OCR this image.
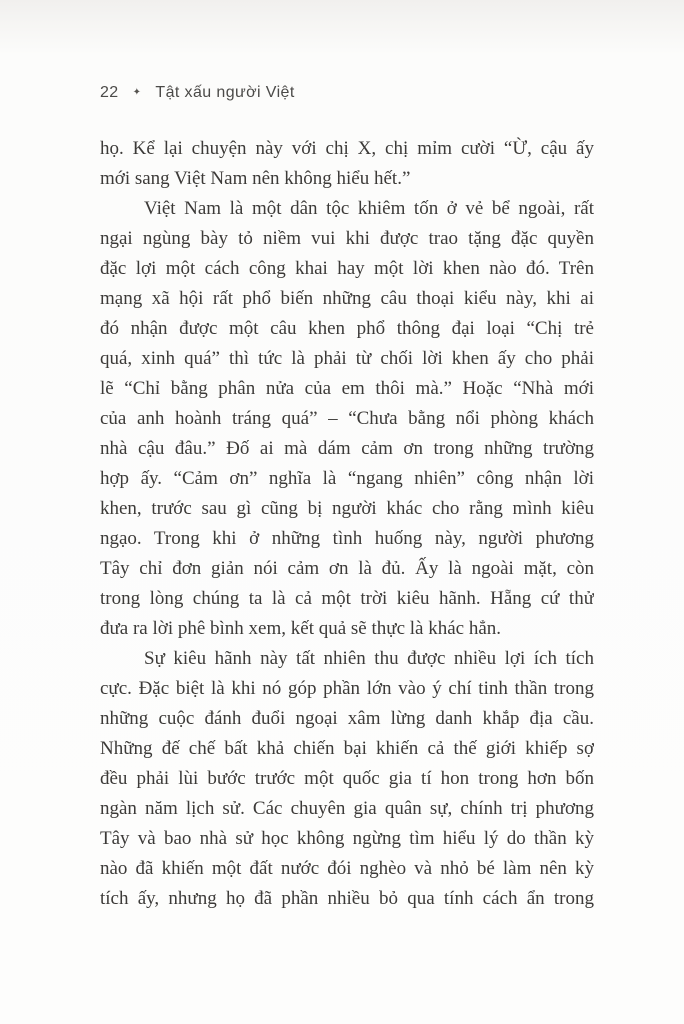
22 ✦ Tật xấu người Việt
họ. Kể lại chuyện này với chị X, chị mỉm cười “Ừ, cậu ấy
mới sang Việt Nam nên không hiểu hết.”
Việt Nam là một dân tộc khiêm tốn ở vẻ bể ngoài, rất
ngại ngùng bày tỏ niềm vui khi được trao tặng đặc quyền
đặc lợi một cách công khai hay một lời khen nào đó. Trên
mạng xã hội rất phổ biến những câu thoại kiểu này, khi ai
đó nhận được một câu khen phổ thông đại loại “Chị trẻ
quá, xinh quá” thì tức là phải từ chối lời khen ấy cho phải
lẽ “Chỉ bằng phân nửa của em thôi mà.” Hoặc “Nhà mới
của anh hoành tráng quá” – “Chưa bằng nổi phòng khách
nhà cậu đâu.” Đố ai mà dám cảm ơn trong những trường
hợp ấy. “Cảm ơn” nghĩa là “ngang nhiên” công nhận lời
khen, trước sau gì cũng bị người khác cho rằng mình kiêu
ngạo. Trong khi ở những tình huống này, người phương
Tây chỉ đơn giản nói cảm ơn là đủ. Ấy là ngoài mặt, còn
trong lòng chúng ta là cả một trời kiêu hãnh. Hẵng cứ thử
đưa ra lời phê bình xem, kết quả sẽ thực là khác hẳn.
Sự kiêu hãnh này tất nhiên thu được nhiều lợi ích tích
cực. Đặc biệt là khi nó góp phần lớn vào ý chí tinh thần trong
những cuộc đánh đuổi ngoại xâm lừng danh khắp địa cầu.
Những đế chế bất khả chiến bại khiến cả thế giới khiếp sợ
đều phải lùi bước trước một quốc gia tí hon trong hơn bốn
ngàn năm lịch sử. Các chuyên gia quân sự, chính trị phương
Tây và bao nhà sử học không ngừng tìm hiểu lý do thần kỳ
nào đã khiến một đất nước đói nghèo và nhỏ bé làm nên kỳ
tích ấy, nhưng họ đã phần nhiều bỏ qua tính cách ẩn trong
